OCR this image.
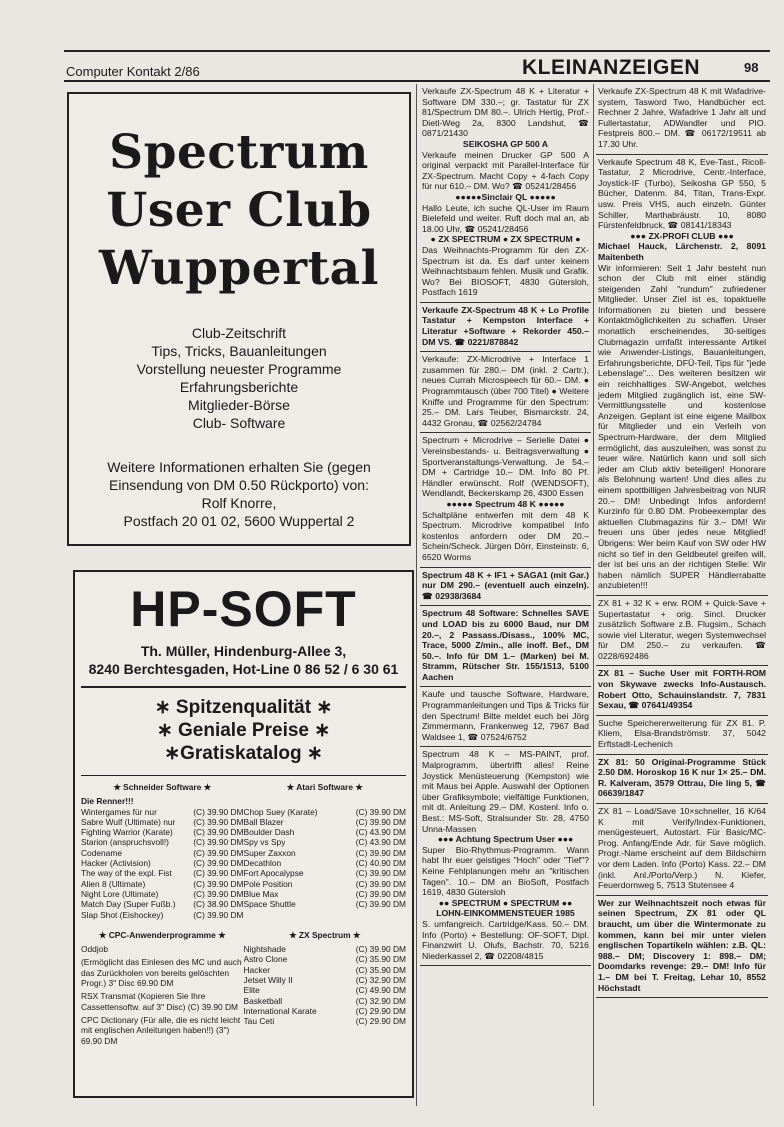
Computer Kontakt 2/86	KLEINANZEIGEN	98
Spectrum
User Club
Wuppertal
Club-Zeitschrift
Tips, Tricks, Bauanleitungen
Vorstellung neuester Programme
Erfahrungsberichte
Mitglieder-Börse
Club- Software
Weitere Informationen erhalten Sie (gegen
Einsendung von DM 0.50 Rückporto) von:
Rolf Knorre,
Postfach 20 01 02, 5600 Wuppertal 2
HP-SOFT
Th. Müller, Hindenburg-Allee 3,
8240 Berchtesgaden, Hot-Line 0 86 52 / 6 30 61
∗ Spitzenqualität ∗
∗ Geniale Preise ∗
∗Gratiskatalog ∗
★ Schneider Software ★
Die Renner!!!
Wintergames für nur	(C) 39.90 DM
Sabre Wulf (Ultimate) nur (C) 39.90 DM
Fighting Warrior (Karate) (C) 39.90 DM
Starion (anspruchsvoll!)	(C) 39.90 DM
Codename	(C) 39.90 DM
Hacker (Activision)	(C) 39.90 DM
The way of the expl. Fist	(C) 39.90 DM
Alien 8 (Ultimate)	(C) 39.90 DM
Night Lore (Ultimate)	(C) 39.90 DM
Match Day (Super Fußb.) (C) 38.90 DM
Slap Shot (Eishockey)	(C) 39.90 DM
★ Atari Software ★
Chop Suey (Karate)	(C) 39.90 DM
Ball Blazer	(C) 39.90 DM
Boulder Dash	(C) 43.90 DM
Spy vs Spy	(C) 43.90 DM
Super Zaxxon	(C) 39.90 DM
Decathlon	(C) 40.90 DM
Fort Apocalypse	(C) 39.90 DM
Pole Position	(C) 39.90 DM
Blue Max	(C) 39.90 DM
Space Shuttle	(C) 39.90 DM
★ CPC-Anwenderprogramme ★
Oddjob
(Ermöglicht das Einlesen des MC und auch das Zurückholen von bereits gelöschten Progr.) 3" Disc 69.90 DM
RSX Transmat (Kopieren Sie Ihre Cassettensoftw. auf 3" Disc) (C) 39.90 DM
CPC Dictionary (Für alle, die es nicht leicht mit englischen Anleitungen haben!!) (3") 69.90 DM
★ ZX Spectrum ★
Nightshade	(C) 39.90 DM
Astro Clone	(C) 35.90 DM
Hacker	(C) 35.90 DM
Jetset Willy II	(C) 32.90 DM
Elite	(C) 49.90 DM
Basketball	(C) 32.90 DM
International Karate	(C) 29.90 DM
Tau Ceti	(C) 29.90 DM

Verkaufe ZX-Spectrum 48 K + Literatur + Software DM 330.–; gr. Tastatur für ZX 81/Spectrum DM 80.–. Ulrich Hertig, Prof.-Dietl-Weg 2a, 8300 Landshut, ☎ 0871/21430

SEIKOSHA GP 500 A

Verkaufe meinen Drucker GP 500 A original verpackt mit Parallel-Interface für ZX-Spectrum. Macht Copy + 4-fach Copy für nur 610.– DM. Wo? ☎ 05241/28456

●●●●●Sinclair QL ●●●●●

Hallo Leute, ich suche QL-User im Raum Bielefeld und weiter. Ruft doch mal an, ab 18.00 Uhr, ☎ 05241/28456

● ZX SPECTRUM ● ZX SPECTRUM ●

Das Weihnachts-Programm für den ZX-Spectrum ist da. Es darf unter keinem Weihnachtsbaum fehlen. Musik und Grafik. Wo? Bei BIOSOFT, 4830 Gütersloh, Postfach 1619

Verkaufe ZX-Spectrum 48 K + Lo Profile Tastatur + Kempston Interface + Literatur +Software + Rekorder 450.– DM VS. ☎ 0221/878842

Verkaufe: ZX-Microdrive + Interface 1 zusammen für 280.– DM (inkl. 2 Cartr.), neues Currah Microspeech für 60.– DM. ● Programmtausch (über 700 Titel) ● Weitere Kniffe und Programme für den Spectrum: 25.– DM. Lars Teuber, Bismarckstr. 24, 4432 Gronau, ☎ 02562/24784

Spectrum + Microdrive – Serielle Datei ● Vereinsbestands- u. Beitragsverwaltung ● Sportveranstaltungs-Verwaltung. Je 54.– DM + Cartridge 10.– DM. Info 80 Pf. Händler erwünscht. Rolf (WENDSOFT), Wendlandt, Beckerskamp 26, 4300 Essen

●●●●● Spectrum 48 K ●●●●●

Schaltpläne entwerfen mit dem 48 K Spectrum. Microdrive kompatibel Info kostenlos anfordern oder DM 20.– Schein/Scheck. Jürgen Dörr, Einsteinstr. 6, 6520 Worms

Spectrum 48 K + IF1 + SAGA1 (mit Gar.) nur DM 290.– (eventuell auch einzeln). ☎ 02938/3684

Spectrum 48 Software: Schnelles SAVE und LOAD bis zu 6000 Baud, nur DM 20.–, 2 Passass./Disass., 100% MC, Trace, 5000 Z/min., alle inoff. Bef., DM 50.–. Info für DM 1.– (Marken) bei M. Stramm, Rütscher Str. 155/1513, 5100 Aachen

Kaufe und tausche Software, Hardware, Programmanleitungen und Tips & Tricks für den Spectrum! Bitte meldet euch bei Jörg Zimmermann, Frankenweg 12, 7967 Bad Waldsee 1, ☎ 07524/6752

Spectrum 48 K – MS-PAINT, prof. Malprogramm, übertrifft alles! Reine Joystick Menüsteuerung (Kempston) wie mit Maus bei Apple. Auswahl der Optionen über Grafiksymbole; vielfältige Funktionen, mit dt. Anleitung 29.– DM. Kostenl. Info o. Best.: MS-Soft, Stralsunder Str. 28, 4750 Unna-Massen

●●● Achtung Spectrum User ●●●

Super Bio-Rhythmus-Programm. Wann habt Ihr euer geistiges "Hoch" oder "Tief"? Keine Fehlplanungen mehr an "kritischen Tagen". 10.– DM an BioSoft, Postfach 1619, 4830 Gütersloh

●● SPECTRUM ● SPECTRUM ●●

LOHN-EINKOMMENSTEUER 1985

S. umfangreich. Cartridge/Kass. 50.– DM. Info (Porto) + Bestellung: OF-SOFT, Dipl. Finanzwirt U. Olufs, Bachstr. 70, 5216 Niederkassel 2, ☎ 02208/4815

Verkaufe ZX-Spectrum 48 K mit Wafadrive-system, Tasword Two, Handbücher ect. Rechner 2 Jahre, Wafadrive 1 Jahr alt und Fullertastatur, ADWandler und PIO. Festpreis 800.– DM. ☎ 06172/19511 ab 17.30 Uhr.

Verkaufe Spectrum 48 K, Eve-Tast., Ricoll-Tastatur, 2 Microdrive, Centr.-Interface, Joystick-IF (Turbo), Seikosha GP 550, 5 Bücher, Datenm. 84, Titan, Trans-Expr. usw. Preis VHS, auch einzeln. Günter Schiller, Marthabräustr. 10, 8080 Fürstenfeldbruck, ☎ 08141/18343

●●● ZX-PROFI CLUB ●●●

Michael Hauck, Lärchenstr. 2, 8091 Maitenbeth

Wir informieren: Seit 1 Jahr besteht nun schon der Club mit einer ständig steigenden Zahl "rundum" zufriedener Mitglieder. Unser Ziel ist es, topaktuelle Informationen zu bieten und bessere Kontaktmöglichkeiten zu schaffen. Unser monatlich erscheinendes, 30-seitiges Clubmagazin umfaßt interessante Artikel wie Anwender-Listings, Bauanleitungen, Erfahrungsberichte, DFÜ-Teil, Tips für "jede Lebenslage"... Des weiteren besitzen wir ein reichhaltiges SW-Angebot, welches jedem Mitglied zugänglich ist, eine SW-Vermittlungsstelle und kostenlose Anzeigen. Geplant ist eine eigene Mailbox für Mitglieder und ein Verleih von Spectrum-Hardware, der dem Mitglied ermöglicht, das auszuleihen, was sonst zu teuer wäre. Natürlich kann und soll sich jeder am Club aktiv beteiligen! Honorare als Belohnung warten! Und dies alles zu einem spottbilligen Jahresbeitrag von NUR 20.– DM! Unbedingt Infos anfordern! Kurzinfo für 0.80 DM. Probeexemplar des aktuellen Clubmagazins für 3.– DM! Wir freuen uns über jedes neue Mitglied! Übrigens: Wer beim Kauf von SW oder HW nicht so tief in den Geldbeutel greifen will, der ist bei uns an der richtigen Stelle: Wir haben nämlich SUPER Händlerrabatte anzubieten!!!

ZX 81 + 32 K + erw. ROM + Quick-Save + Supertastatur + orig. Sincl. Drucker zusätzlich Software z.B. Flugsim., Schach sowie viel Literatur, wegen Systemwechsel für DM 250.– zu verkaufen. ☎ 0228/692486

ZX 81 – Suche User mit FORTH-ROM von Skywave zwecks Info-Austausch. Robert Otto, Schauinslandstr. 7, 7831 Sexau, ☎ 07641/49354

Suche Speichererweiterung für ZX 81. P. Kliem, Elsa-Brandströmstr. 37, 5042 Erftstadt-Lechenich

ZX 81: 50 Original-Programme Stück 2.50 DM. Horoskop 16 K nur 1× 25.– DM. R. Kalveram, 3579 Ottrau, Die ling 5, ☎ 06639/1847

ZX 81 – Load/Save 10×schneller, 16 K/64 K mit Verify/Index-Funktionen, menügesteuert, Autostart. Für Basic/MC-Prog. Anfang/Ende Adr. für Save möglich. Progr.-Name erscheint auf dem Bildschirm vor dem Laden. Info (Porto) Kass. 22.– DM (inkl. Anl./Porto/Verp.) N. Kiefer, Feuerdornweg 5, 7513 Stutensee 4

Wer zur Weihnachtszeit noch etwas für seinen Spectrum, ZX 81 oder QL braucht, um über die Wintermonate zu kommen, kann bei mir unter vielen englischen Topartikeln wählen: z.B. QL: 988.– DM; Discovery 1: 898.– DM; Doomdarks revenge: 29.– DM! Info für 1.– DM bei T. Freitag, Lehar 10, 8552 Höchstadt
